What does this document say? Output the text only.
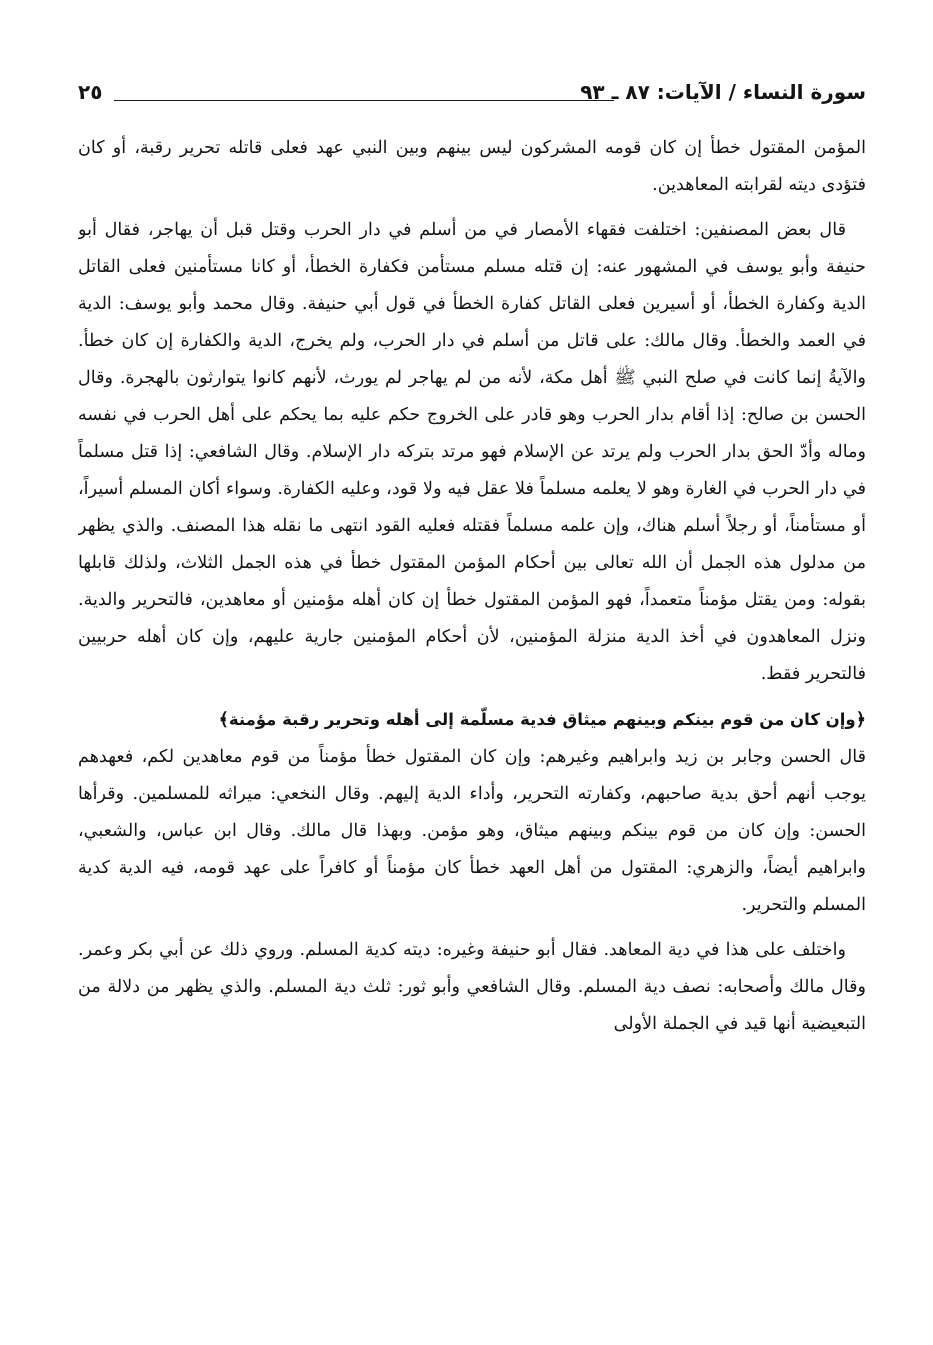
سورة النساء / الآيات: ٨٧ ـ ٩٣
٢٥

المؤمن المقتول خطأ إن كان قومه المشركون ليس بينهم وبين النبي عهد فعلى قاتله تحرير رقبة، أو كان فتؤدى ديته لقرابته المعاهدين.

قال بعض المصنفين: اختلفت فقهاء الأمصار في من أسلم في دار الحرب وقتل قبل أن يهاجر، فقال أبو حنيفة وأبو يوسف في المشهور عنه: إن قتله مسلم مستأمن فكفارة الخطأ، أو كانا مستأمنين فعلى القاتل الدية وكفارة الخطأ، أو أسيرين فعلى القاتل كفارة الخطأ في قول أبي حنيفة. وقال محمد وأبو يوسف: الدية في العمد والخطأ. وقال مالك: على قاتل من أسلم في دار الحرب، ولم يخرج، الدية والكفارة إن كان خطأ. والآيةُ إنما كانت في صلح النبي ﷺ أهل مكة، لأنه من لم يهاجر لم يورث، لأنهم كانوا يتوارثون بالهجرة. وقال الحسن بن صالح: إذا أقام بدار الحرب وهو قادر على الخروج حكم عليه بما يحكم على أهل الحرب في نفسه وماله وأدّ الحق بدار الحرب ولم يرتد عن الإسلام فهو مرتد بتركه دار الإسلام. وقال الشافعي: إذا قتل مسلماً في دار الحرب في الغارة وهو لا يعلمه مسلماً فلا عقل فيه ولا قود، وعليه الكفارة. وسواء أكان المسلم أسيراً، أو مستأمناً، أو رجلاً أسلم هناك، وإن علمه مسلماً فقتله فعليه القود انتهى ما نقله هذا المصنف. والذي يظهر من مدلول هذه الجمل أن الله تعالى بين أحكام المؤمن المقتول خطأ في هذه الجمل الثلاث، ولذلك قابلها بقوله: ومن يقتل مؤمناً متعمداً، فهو المؤمن المقتول خطأ إن كان أهله مؤمنين أو معاهدين، فالتحرير والدية. ونزل المعاهدون في أخذ الدية منزلة المؤمنين، لأن أحكام المؤمنين جارية عليهم، وإن كان أهله حربيين فالتحرير فقط.

﴿وإن كان من قوم بينكم وبينهم ميثاق فدية مسلّمة إلى أهله وتحرير رقبة مؤمنة﴾

قال الحسن وجابر بن زيد وابراهيم وغيرهم: وإن كان المقتول خطأ مؤمناً من قوم معاهدين لكم، فعهدهم يوجب أنهم أحق بدية صاحبهم، وكفارته التحرير، وأداء الدية إليهم. وقال النخعي: ميراثه للمسلمين. وقرأها الحسن: وإن كان من قوم بينكم وبينهم ميثاق، وهو مؤمن. وبهذا قال مالك. وقال ابن عباس، والشعبي، وابراهيم أيضاً، والزهري: المقتول من أهل العهد خطأ كان مؤمناً أو كافراً على عهد قومه، فيه الدية كدية المسلم والتحرير.

واختلف على هذا في دية المعاهد. فقال أبو حنيفة وغيره: ديته كدية المسلم. وروي ذلك عن أبي بكر وعمر. وقال مالك وأصحابه: نصف دية المسلم. وقال الشافعي وأبو ثور: ثلث دية المسلم. والذي يظهر من دلالة من التبعيضية أنها قيد في الجملة الأولى
